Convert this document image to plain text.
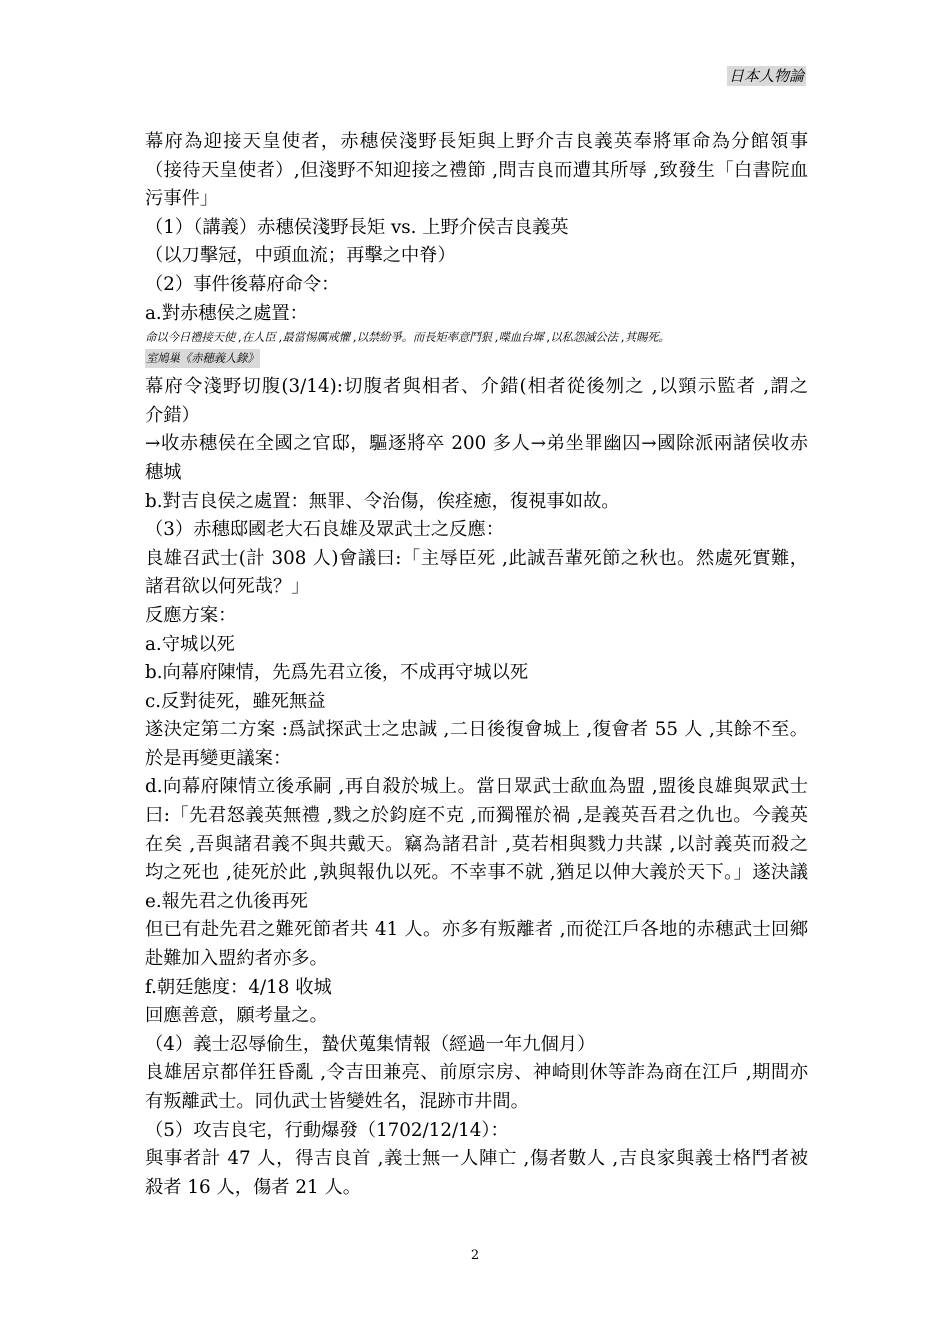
日本人物論
幕府為迎接天皇使者，赤穗侯淺野長矩與上野介吉良義英奉將軍命為分館領事
（接待天皇使者）,但淺野不知迎接之禮節 ,問吉良而遭其所辱 ,致發生「白書院血
污事件」
（1）（講義）赤穗侯淺野長矩 vs. 上野介侯吉良義英
（以刀擊冠，中頭血流；再擊之中脊）
（2）事件後幕府命令：
a.對赤穗侯之處置：
命以今日禮接天使 ,在人臣 ,最當惕厲戒懼 ,以禁紛爭。而長矩率意鬥狠 ,喋血台墀 ,以私怨滅公法 ,其賜死。
室鳩巢《赤穗義人錄》
幕府令淺野切腹(3/14):切腹者與相者、介錯(相者從後刎之 ,以頸示監者 ,謂之
介錯）
→收赤穗侯在全國之官邸，驅逐將卒 200 多人→弟坐罪幽囚→國除派兩諸侯收赤
穗城
b.對吉良侯之處置：無罪、令治傷，俟痊癒，復視事如故。
（3）赤穗邸國老大石良雄及眾武士之反應：
良雄召武士(計 308 人)會議曰:「主辱臣死 ,此誠吾輩死節之秋也。然處死實難，
諸君欲以何死哉？」
反應方案：
a.守城以死
b.向幕府陳情，先爲先君立後，不成再守城以死
c.反對徒死，雖死無益
遂決定第二方案 :爲試探武士之忠誠 ,二日後復會城上 ,復會者 55 人 ,其餘不至。
於是再變更議案：
d.向幕府陳情立後承嗣 ,再自殺於城上。當日眾武士歃血為盟 ,盟後良雄與眾武士
曰:「先君怒義英無禮 ,戮之於鈞庭不克 ,而獨罹於禍 ,是義英吾君之仇也。今義英
在矣 ,吾與諸君義不與共戴天。竊為諸君計 ,莫若相與戮力共謀 ,以討義英而殺之
均之死也 ,徒死於此 ,孰與報仇以死。不幸事不就 ,猶足以伸大義於天下。」遂決議
e.報先君之仇後再死
但已有赴先君之難死節者共 41 人。亦多有叛離者 ,而從江戶各地的赤穗武士回鄉
赴難加入盟約者亦多。
f.朝廷態度：4/18 收城
回應善意，願考量之。
（4）義士忍辱偷生，蟄伏蒐集情報（經過一年九個月）
良雄居京都佯狂昏亂 ,令吉田兼亮、前原宗房、神崎則休等詐為商在江戶 ,期間亦
有叛離武士。同仇武士皆變姓名，混跡市井間。
（5）攻吉良宅，行動爆發（1702/12/14）：
與事者計 47 人，得吉良首 ,義士無一人陣亡 ,傷者數人 ,吉良家與義士格鬥者被
殺者 16 人，傷者 21 人。
2
